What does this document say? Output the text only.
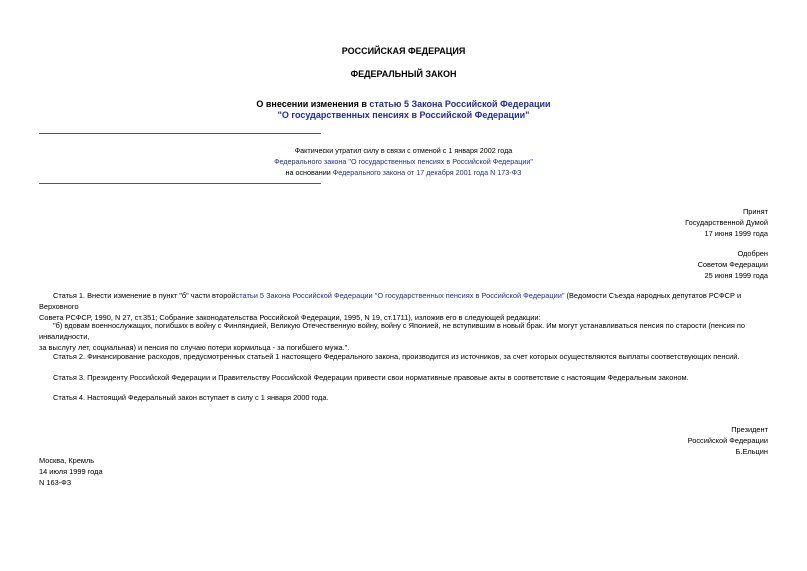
РОССИЙСКАЯ ФЕДЕРАЦИЯ
ФЕДЕРАЛЬНЫЙ ЗАКОН
О внесении изменения в статью 5 Закона Российской Федерации
"О государственных пенсиях в Российской Федерации"
Фактически утратил силу в связи с отменой с 1 января 2002 года
Федерального закона "О государственных пенсиях в Российской Федерации"
на основании Федерального закона от 17 декабря 2001 года N 173-ФЗ
Принят
Государственной Думой
17 июня 1999 года
Одобрен
Советом Федерации
25 июня 1999 года
Статья 1. Внести изменение в пункт "б" части второйстатьи 5 Закона Российской Федерации "О государственных пенсиях в Российской Федерации" (Ведомости Съезда народных депутатов РСФСР и Верховного
Совета РСФСР, 1990, N 27, ст.351; Собрание законодательства Российской Федерации, 1995, N 19, ст.1711), изложив его в следующей редакции:
"б) вдовам военнослужащих, погибших в войну с Финляндией, Великую Отечественную войну, войну с Японией, не вступившим в новый брак. Им могут устанавливаться пенсия по старости (пенсия по инвалидности,
за выслугу лет, социальная) и пенсия по случаю потери кормильца - за погибшего мужа.".
Статья 2. Финансирование расходов, предусмотренных статьей 1 настоящего Федерального закона, производится из источников, за счет которых осуществляются выплаты соответствующих пенсий.
Статья 3. Президенту Российской Федерации и Правительству Российской Федерации привести свои нормативные правовые акты в соответствие с настоящим Федеральным законом.
Статья 4. Настоящий Федеральный закон вступает в силу с 1 января 2000 года.
Президент
Российской Федерации
Б.Ельцин
Москва, Кремль
14 июля 1999 года
N 163-ФЗ
